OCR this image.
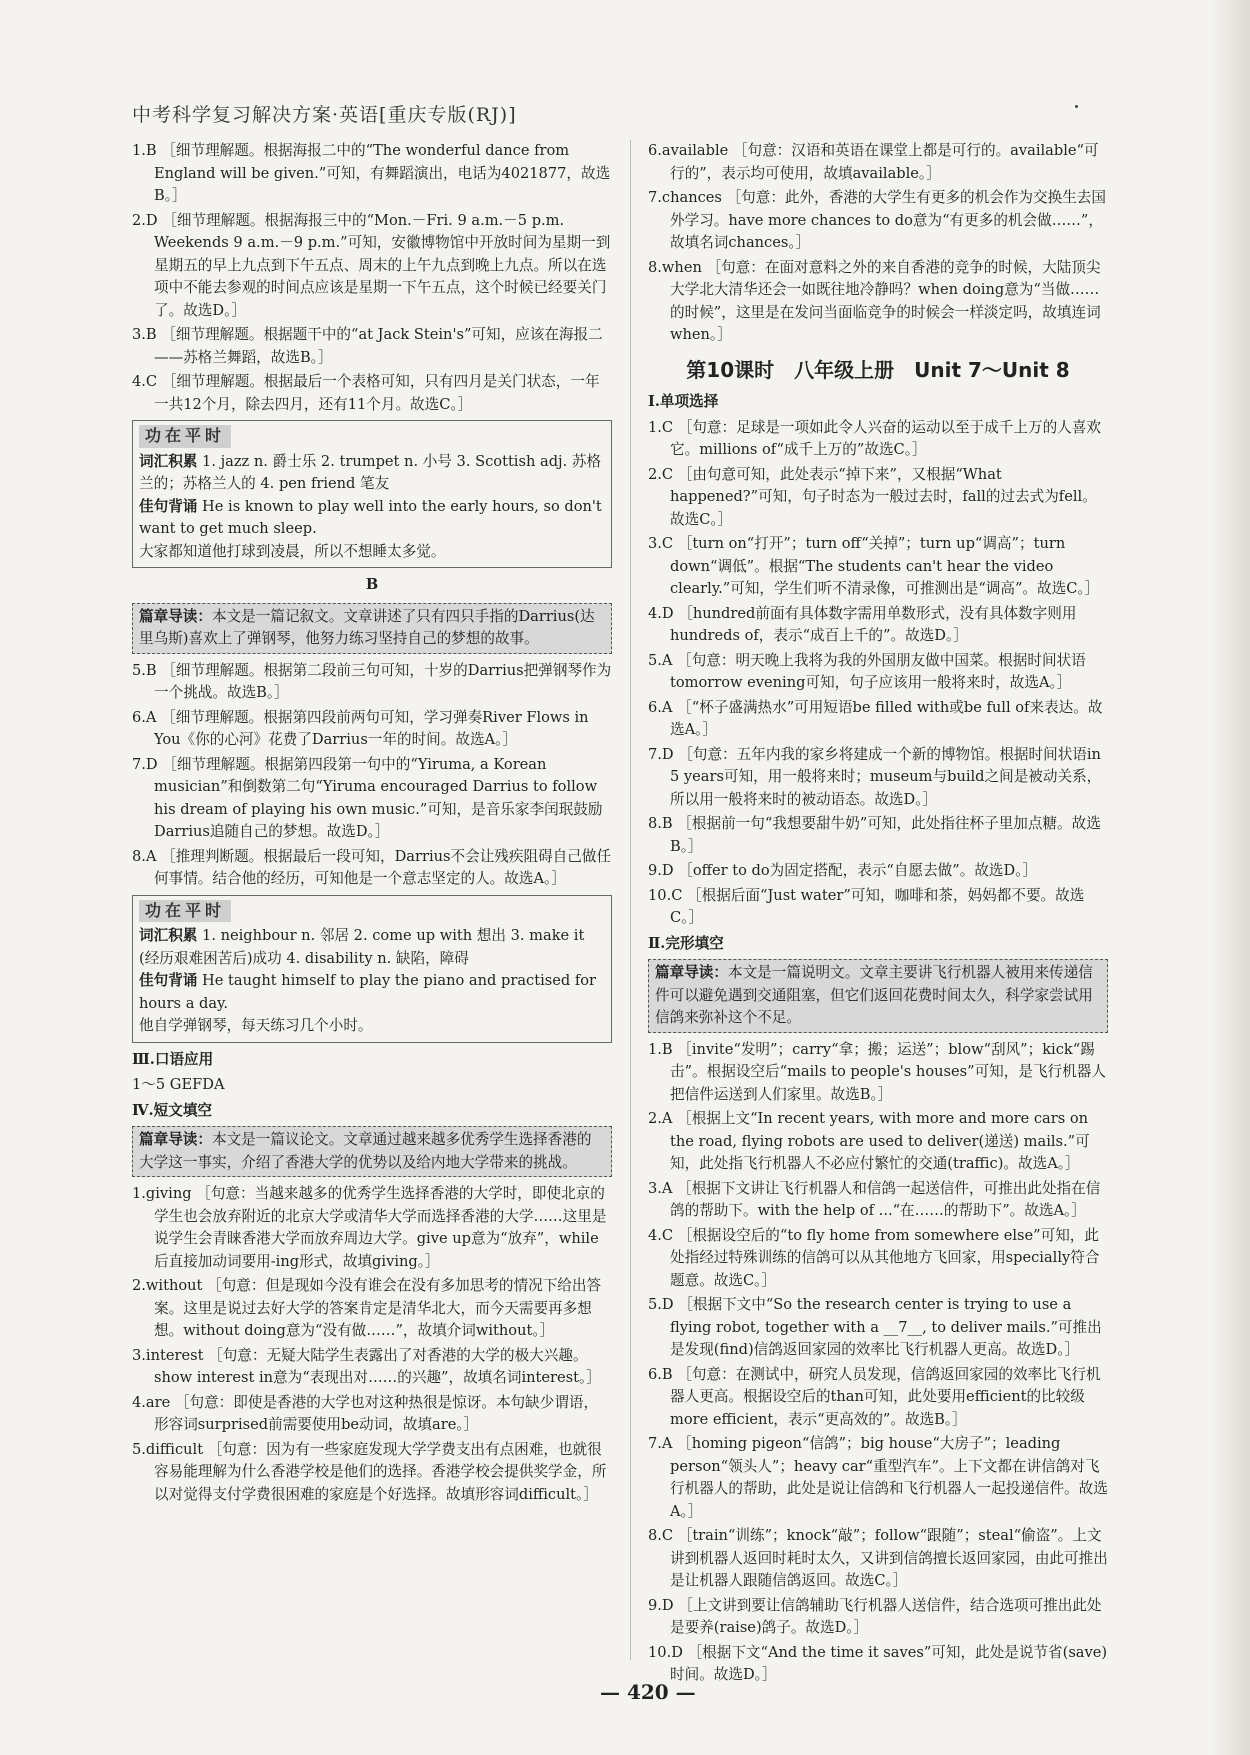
中考科学复习解决方案·英语[重庆专版(RJ)]
1.B ［细节理解题。根据海报二中的“The wonderful dance from England will be given.”可知，有舞蹈演出，电话为4021877，故选B。］
2.D ［细节理解题。根据海报三中的“Mon.－Fri. 9 a.m.－5 p.m. Weekends 9 a.m.－9 p.m.”可知，安徽博物馆中开放时间为星期一到星期五的早上九点到下午五点、周末的上午九点到晚上九点。所以在选项中不能去参观的时间点应该是星期一下午五点，这个时候已经要关门了。故选D。］
3.B ［细节理解题。根据题干中的“at Jack Stein's”可知，应该在海报二——苏格兰舞蹈，故选B。］
4.C ［细节理解题。根据最后一个表格可知，只有四月是关门状态，一年一共12个月，除去四月，还有11个月。故选C。］
功在平时
词汇积累 1. jazz n. 爵士乐 2. trumpet n. 小号 3. Scottish adj. 苏格兰的；苏格兰人的 4. pen friend 笔友
佳句背诵 He is known to play well into the early hours, so don't want to get much sleep.
大家都知道他打球到凌晨，所以不想睡太多觉。
B
篇章导读：本文是一篇记叙文。文章讲述了只有四只手指的Darrius(达里乌斯)喜欢上了弹钢琴，他努力练习坚持自己的梦想的故事。
5.B ［细节理解题。根据第二段前三句可知，十岁的Darrius把弹钢琴作为一个挑战。故选B。］
6.A ［细节理解题。根据第四段前两句可知，学习弹奏River Flows in You《你的心河》花费了Darrius一年的时间。故选A。］
7.D ［细节理解题。根据第四段第一句中的“Yiruma, a Korean musician”和倒数第二句“Yiruma encouraged Darrius to follow his dream of playing his own music.”可知，是音乐家李闰珉鼓励Darrius追随自己的梦想。故选D。］
8.A ［推理判断题。根据最后一段可知，Darrius不会让残疾阻碍自己做任何事情。结合他的经历，可知他是一个意志坚定的人。故选A。］
功在平时
词汇积累 1. neighbour n. 邻居 2. come up with 想出 3. make it (经历艰难困苦后)成功 4. disability n. 缺陷，障碍
佳句背诵 He taught himself to play the piano and practised for hours a day.
他自学弹钢琴，每天练习几个小时。
Ⅲ.口语应用
1～5 GEFDA
Ⅳ.短文填空
篇章导读：本文是一篇议论文。文章通过越来越多优秀学生选择香港的大学这一事实，介绍了香港大学的优势以及给内地大学带来的挑战。
1.giving ［句意：当越来越多的优秀学生选择香港的大学时，即使北京的学生也会放弃附近的北京大学或清华大学而选择香港的大学……这里是说学生会青睐香港大学而放弃周边大学。give up意为“放弃”，while后直接加动词要用-ing形式，故填giving。］
2.without ［句意：但是现如今没有谁会在没有多加思考的情况下给出答案。这里是说过去好大学的答案肯定是清华北大，而今天需要再多想想。without doing意为“没有做……”，故填介词without。］
3.interest ［句意：无疑大陆学生表露出了对香港的大学的极大兴趣。show interest in意为“表现出对……的兴趣”，故填名词interest。］
4.are ［句意：即使是香港的大学也对这种热很是惊讶。本句缺少谓语，形容词surprised前需要使用be动词，故填are。］
5.difficult ［句意：因为有一些家庭发现大学学费支出有点困难，也就很容易能理解为什么香港学校是他们的选择。香港学校会提供奖学金，所以对觉得支付学费很困难的家庭是个好选择。故填形容词difficult。］
6.available ［句意：汉语和英语在课堂上都是可行的。available“可行的”，表示均可使用，故填available。］
7.chances ［句意：此外，香港的大学生有更多的机会作为交换生去国外学习。have more chances to do意为“有更多的机会做……”，故填名词chances。］
8.when ［句意：在面对意料之外的来自香港的竞争的时候，大陆顶尖大学北大清华还会一如既往地冷静吗？when doing意为“当做……的时候”，这里是在发问当面临竞争的时候会一样淡定吗，故填连词when。］
第10课时　八年级上册　Unit 7～Unit 8
Ⅰ.单项选择
1.C ［句意：足球是一项如此令人兴奋的运动以至于成千上万的人喜欢它。millions of“成千上万的”故选C。］
2.C ［由句意可知，此处表示“掉下来”，又根据“What happened?”可知，句子时态为一般过去时，fall的过去式为fell。故选C。］
3.C ［turn on“打开”；turn off“关掉”；turn up“调高”；turn down“调低”。根据“The students can't hear the video clearly.”可知，学生们听不清录像，可推测出是“调高”。故选C。］
4.D ［hundred前面有具体数字需用单数形式，没有具体数字则用hundreds of，表示“成百上千的”。故选D。］
5.A ［句意：明天晚上我将为我的外国朋友做中国菜。根据时间状语tomorrow evening可知，句子应该用一般将来时，故选A。］
6.A ［“杯子盛满热水”可用短语be filled with或be full of来表达。故选A。］
7.D ［句意：五年内我的家乡将建成一个新的博物馆。根据时间状语in 5 years可知，用一般将来时；museum与build之间是被动关系，所以用一般将来时的被动语态。故选D。］
8.B ［根据前一句“我想要甜牛奶”可知，此处指往杯子里加点糖。故选B。］
9.D ［offer to do为固定搭配，表示“自愿去做”。故选D。］
10.C ［根据后面“Just water”可知，咖啡和茶，妈妈都不要。故选C。］
Ⅱ.完形填空
篇章导读：本文是一篇说明文。文章主要讲飞行机器人被用来传递信件可以避免遇到交通阻塞，但它们返回花费时间太久，科学家尝试用信鸽来弥补这个不足。
1.B ［invite“发明”；carry“拿；搬；运送”；blow“刮风”；kick“踢击”。根据设空后“mails to people's houses”可知，是飞行机器人把信件运送到人们家里。故选B。］
2.A ［根据上文“In recent years, with more and more cars on the road, flying robots are used to deliver(递送) mails.”可知，此处指飞行机器人不必应付繁忙的交通(traffic)。故选A。］
3.A ［根据下文讲让飞行机器人和信鸽一起送信件，可推出此处指在信鸽的帮助下。with the help of ...“在……的帮助下”。故选A。］
4.C ［根据设空后的“to fly home from somewhere else”可知，此处指经过特殊训练的信鸽可以从其他地方飞回家，用specially符合题意。故选C。］
5.D ［根据下文中“So the research center is trying to use a flying robot, together with a __7__, to deliver mails.”可推出是发现(find)信鸽返回家园的效率比飞行机器人更高。故选D。］
6.B ［句意：在测试中，研究人员发现，信鸽返回家园的效率比飞行机器人更高。根据设空后的than可知，此处要用efficient的比较级more efficient，表示“更高效的”。故选B。］
7.A ［homing pigeon“信鸽”；big house“大房子”；leading person“领头人”；heavy car“重型汽车”。上下文都在讲信鸽对飞行机器人的帮助，此处是说让信鸽和飞行机器人一起投递信件。故选A。］
8.C ［train“训练”；knock“敲”；follow“跟随”；steal“偷盗”。上文讲到机器人返回时耗时太久，又讲到信鸽擅长返回家园，由此可推出是让机器人跟随信鸽返回。故选C。］
9.D ［上文讲到要让信鸽辅助飞行机器人送信件，结合选项可推出此处是要养(raise)鸽子。故选D。］
10.D ［根据下文“And the time it saves”可知，此处是说节省(save)时间。故选D。］
— 420 —
